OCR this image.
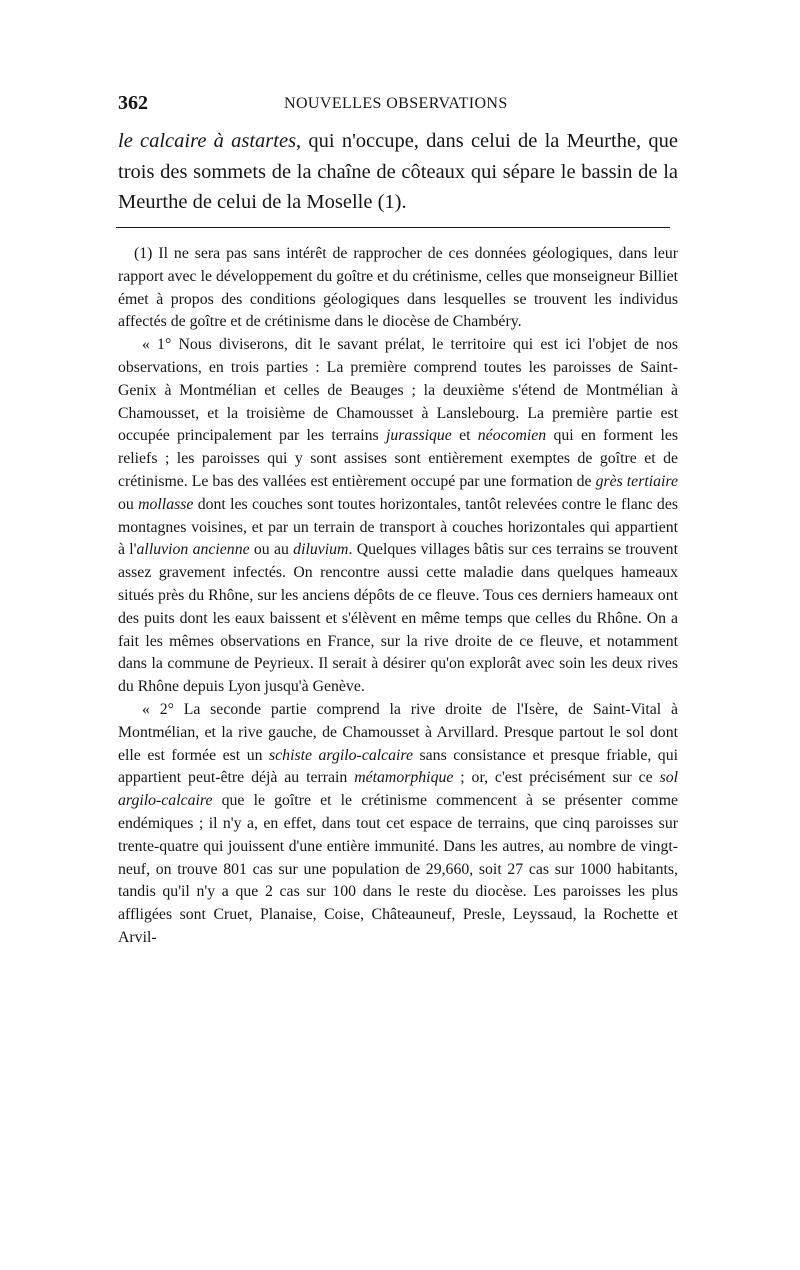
362	NOUVELLES OBSERVATIONS

le calcaire à astartes, qui n'occupe, dans celui de la Meurthe, que trois des sommets de la chaîne de côteaux qui sépare le bassin de la Meurthe de celui de la Moselle (1).

(1) Il ne sera pas sans intérêt de rapprocher de ces données géologiques, dans leur rapport avec le développement du goître et du crétinisme, celles que monseigneur Billiet émet à propos des conditions géologiques dans lesquelles se trouvent les individus affectés de goître et de crétinisme dans le diocèse de Chambéry.

« 1° Nous diviserons, dit le savant prélat, le territoire qui est ici l'objet de nos observations, en trois parties : La première comprend toutes les paroisses de Saint-Genix à Montmélian et celles de Beauges ; la deuxième s'étend de Montmélian à Chamousset, et la troisième de Chamousset à Lanslebourg. La première partie est occupée principalement par les terrains jurassique et néocomien qui en forment les reliefs ; les paroisses qui y sont assises sont entièrement exemptes de goître et de crétinisme. Le bas des vallées est entièrement occupé par une formation de grès tertiaire ou mollasse dont les couches sont toutes horizontales, tantôt relevées contre le flanc des montagnes voisines, et par un terrain de transport à couches horizontales qui appartient à l'alluvion ancienne ou au diluvium. Quelques villages bâtis sur ces terrains se trouvent assez gravement infectés. On rencontre aussi cette maladie dans quelques hameaux situés près du Rhône, sur les anciens dépôts de ce fleuve. Tous ces derniers hameaux ont des puits dont les eaux baissent et s'élèvent en même temps que celles du Rhône. On a fait les mêmes observations en France, sur la rive droite de ce fleuve, et notamment dans la commune de Peyrieux. Il serait à désirer qu'on explorât avec soin les deux rives du Rhône depuis Lyon jusqu'à Genève.

« 2° La seconde partie comprend la rive droite de l'Isère, de Saint-Vital à Montmélian, et la rive gauche, de Chamousset à Arvillard. Presque partout le sol dont elle est formée est un schiste argilo-calcaire sans consistance et presque friable, qui appartient peut-être déjà au terrain métamorphique ; or, c'est précisément sur ce sol argilo-calcaire que le goître et le crétinisme commencent à se présenter comme endémiques ; il n'y a, en effet, dans tout cet espace de terrains, que cinq paroisses sur trente-quatre qui jouissent d'une entière immunité. Dans les autres, au nombre de vingt-neuf, on trouve 801 cas sur une population de 29,660, soit 27 cas sur 1000 habitants, tandis qu'il n'y a que 2 cas sur 100 dans le reste du diocèse. Les paroisses les plus affligées sont Cruet, Planaise, Coise, Châteauneuf, Presle, Leyssaud, la Rochette et Arvil-
